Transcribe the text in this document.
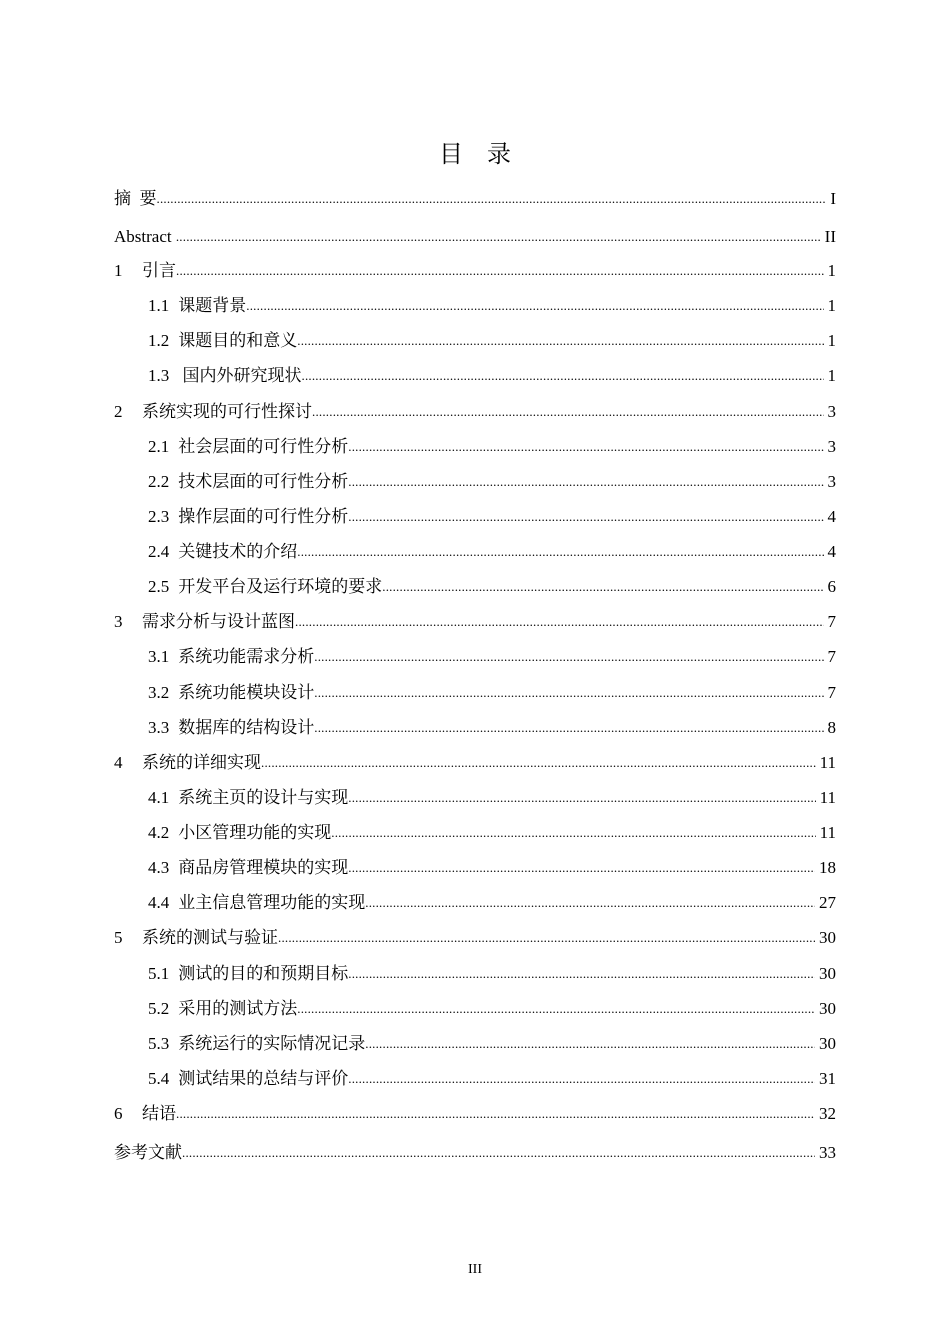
目 录
摘  要 .....	I
Abstract .....	II
1	引言 .....	1
1.1 课题背景 .....	1
1.2 课题目的和意义 .....	1
1.3 国内外研究现状 .....	1
2	系统实现的可行性探讨 .....	3
2.1 社会层面的可行性分析 .....	3
2.2 技术层面的可行性分析 .....	3
2.3 操作层面的可行性分析 .....	4
2.4 关键技术的介绍 .....	4
2.5 开发平台及运行环境的要求 .....	6
3	需求分析与设计蓝图 .....	7
3.1 系统功能需求分析 .....	7
3.2 系统功能模块设计 .....	7
3.3 数据库的结构设计 .....	8
4	系统的详细实现 .....	11
4.1 系统主页的设计与实现 .....	11
4.2 小区管理功能的实现 .....	11
4.3 商品房管理模块的实现 .....	18
4.4 业主信息管理功能的实现 .....	27
5	系统的测试与验证 .....	30
5.1 测试的目的和预期目标 .....	30
5.2 采用的测试方法 .....	30
5.3 系统运行的实际情况记录 .....	30
5.4 测试结果的总结与评价 .....	31
6	结语 .....	32
参考文献 .....	33
III
